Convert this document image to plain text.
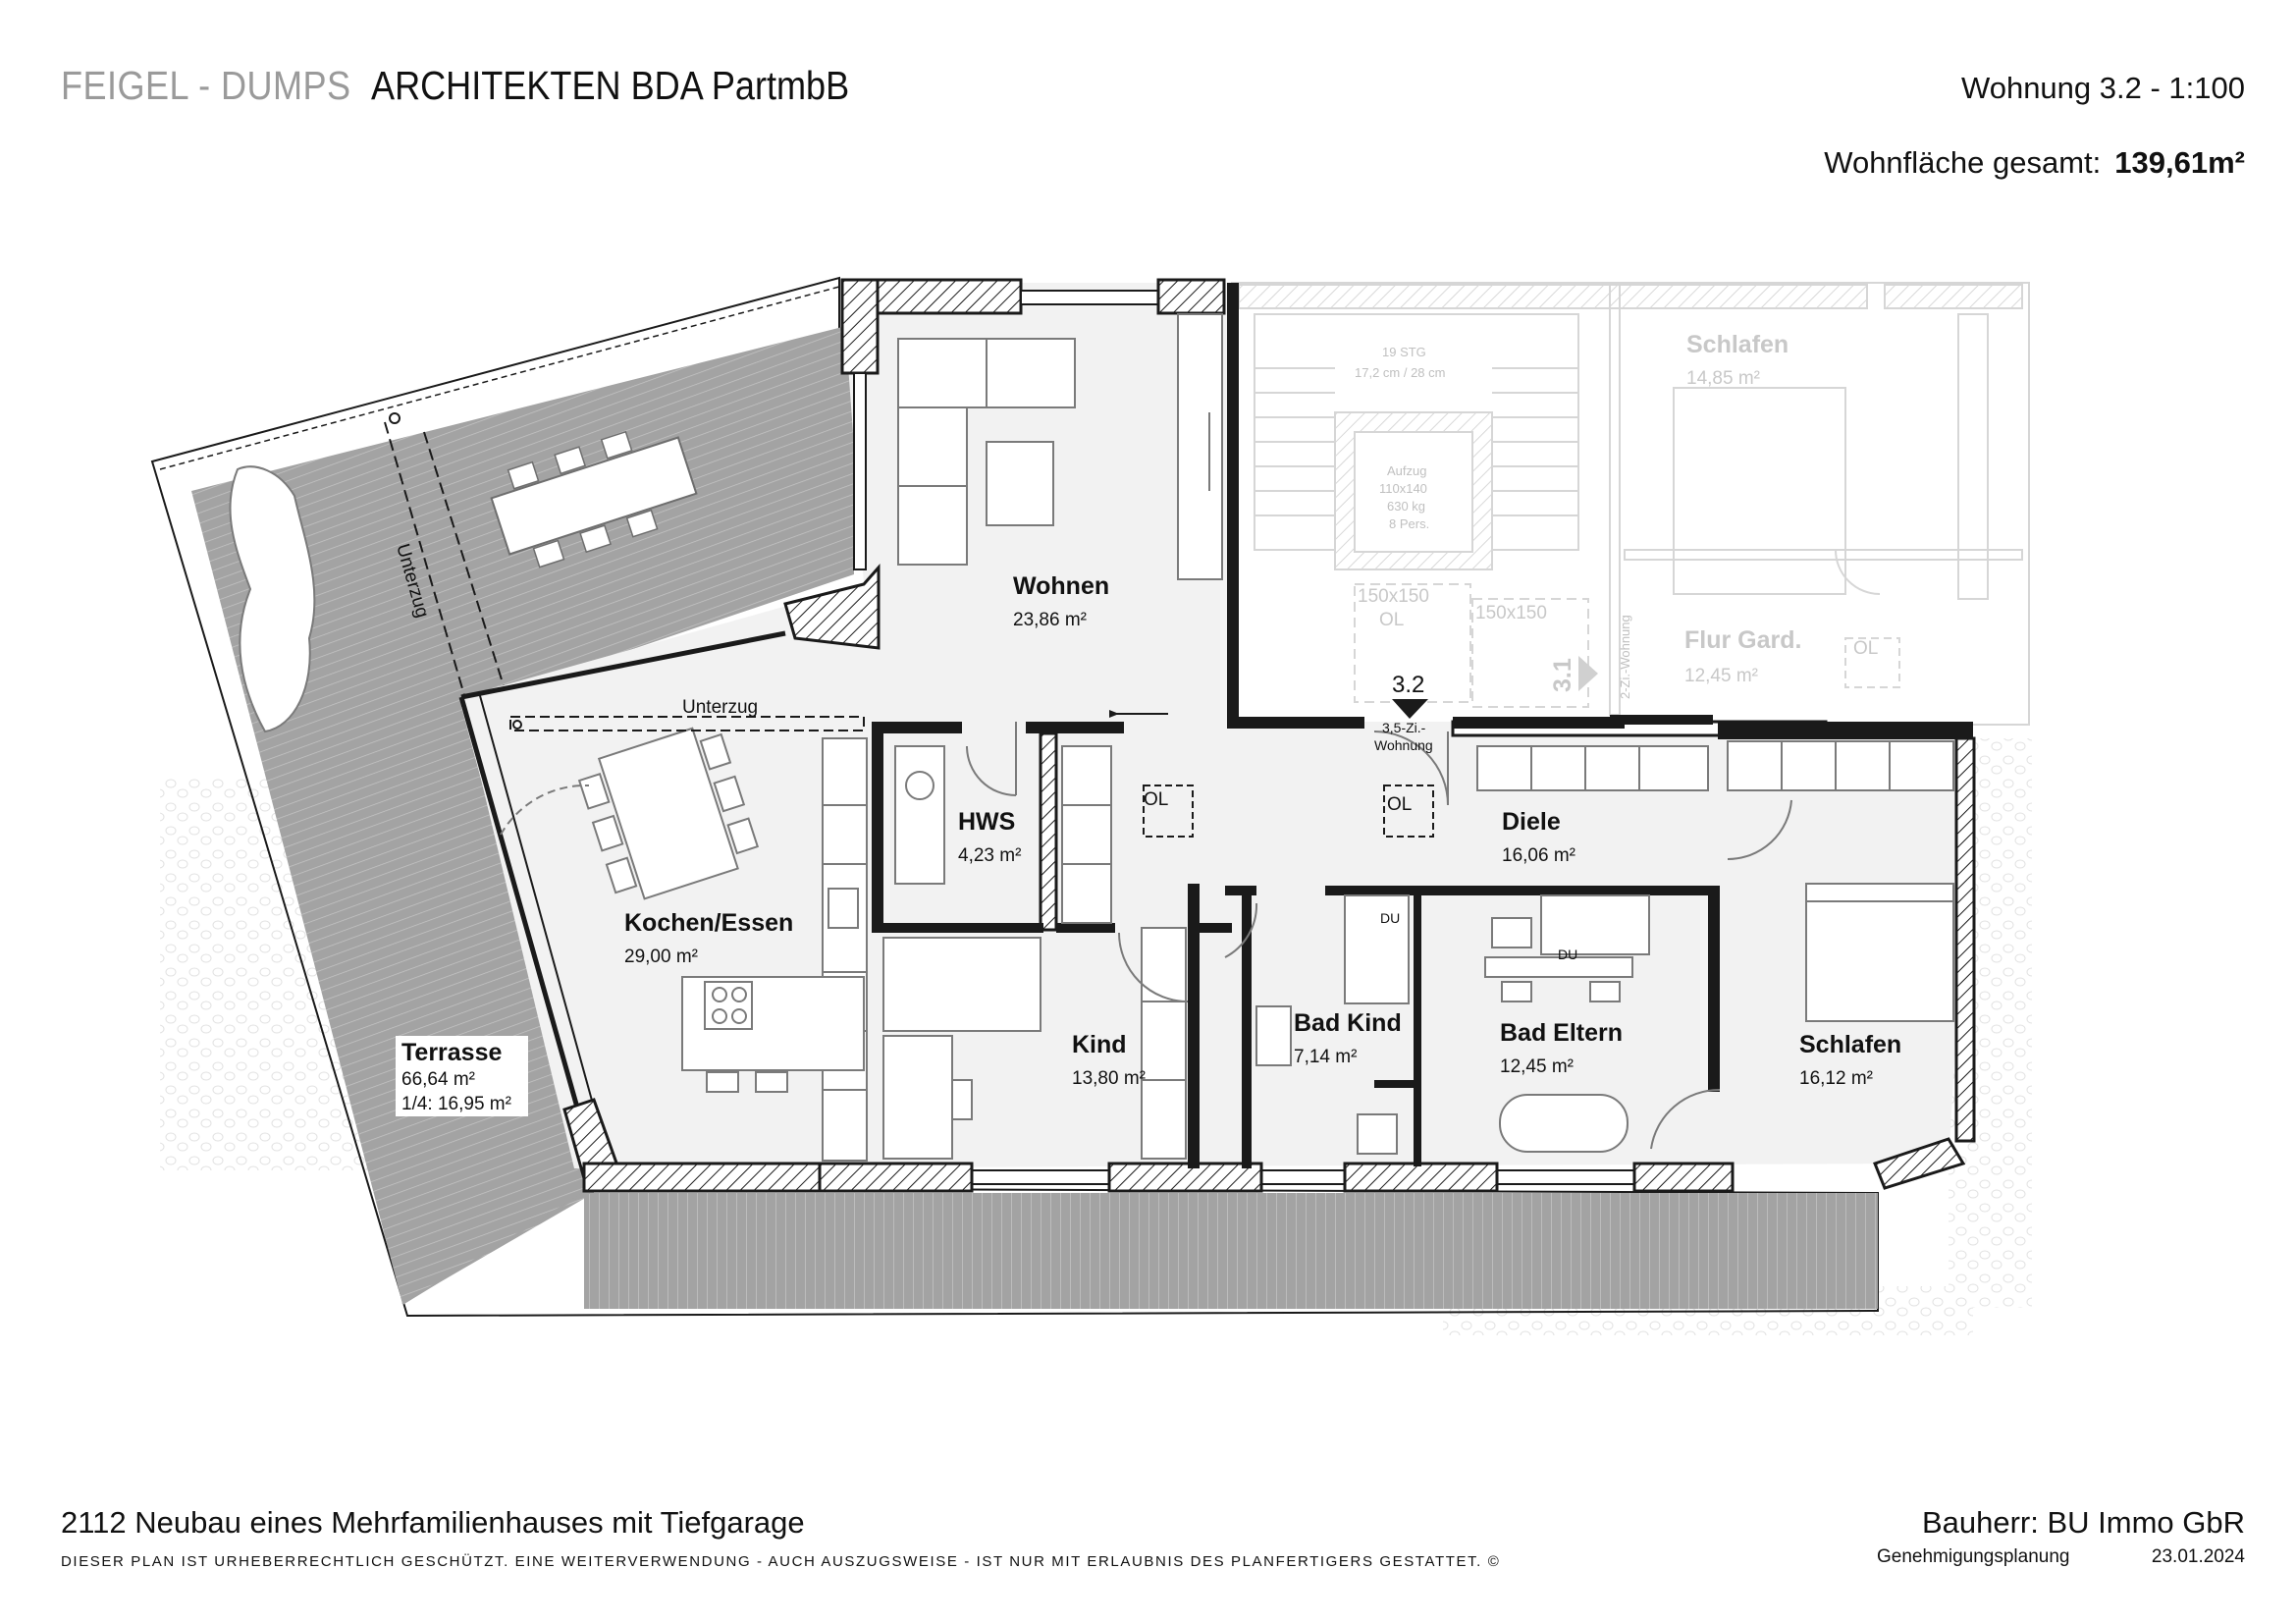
FEIGEL - DUMPS ARCHITEKTEN BDA PartmbB	Wohnung 3.2 - 1:100
Wohnfläche gesamt: 139,61m²
19 STG
17,2 cm / 28 cm
Aufzug
110x140
630 kg
8 Pers.
150x150
150x150
OL
Schlafen
14,85 m²
Flur Gard.
12,45 m²
OL
3.1	2-Zi.-Wohnung
Unterzug
OL	OL
3.2
3,5-Zi.-
Wohnung
Unterzug
DU
DU
Wohnen
23,86 m²
Kochen/Essen
29,00 m²
HWS
4,23 m²
Kind
13,80 m²
Bad Kind
7,14 m²
Bad Eltern
12,45 m²
Diele
16,06 m²
Schlafen
16,12 m²
Terrasse
66,64 m²
1/4: 16,95 m²
2112 Neubau eines Mehrfamilienhauses mit Tiefgarage
DIESER PLAN IST URHEBERRECHTLICH GESCHÜTZT. EINE WEITERVERWENDUNG - AUCH AUSZUGSWEISE - IST NUR MIT ERLAUBNIS DES PLANFERTIGERS GESTATTET. ©
Bauherr: BU Immo GbR
Genehmigungsplanung	23.01.2024
